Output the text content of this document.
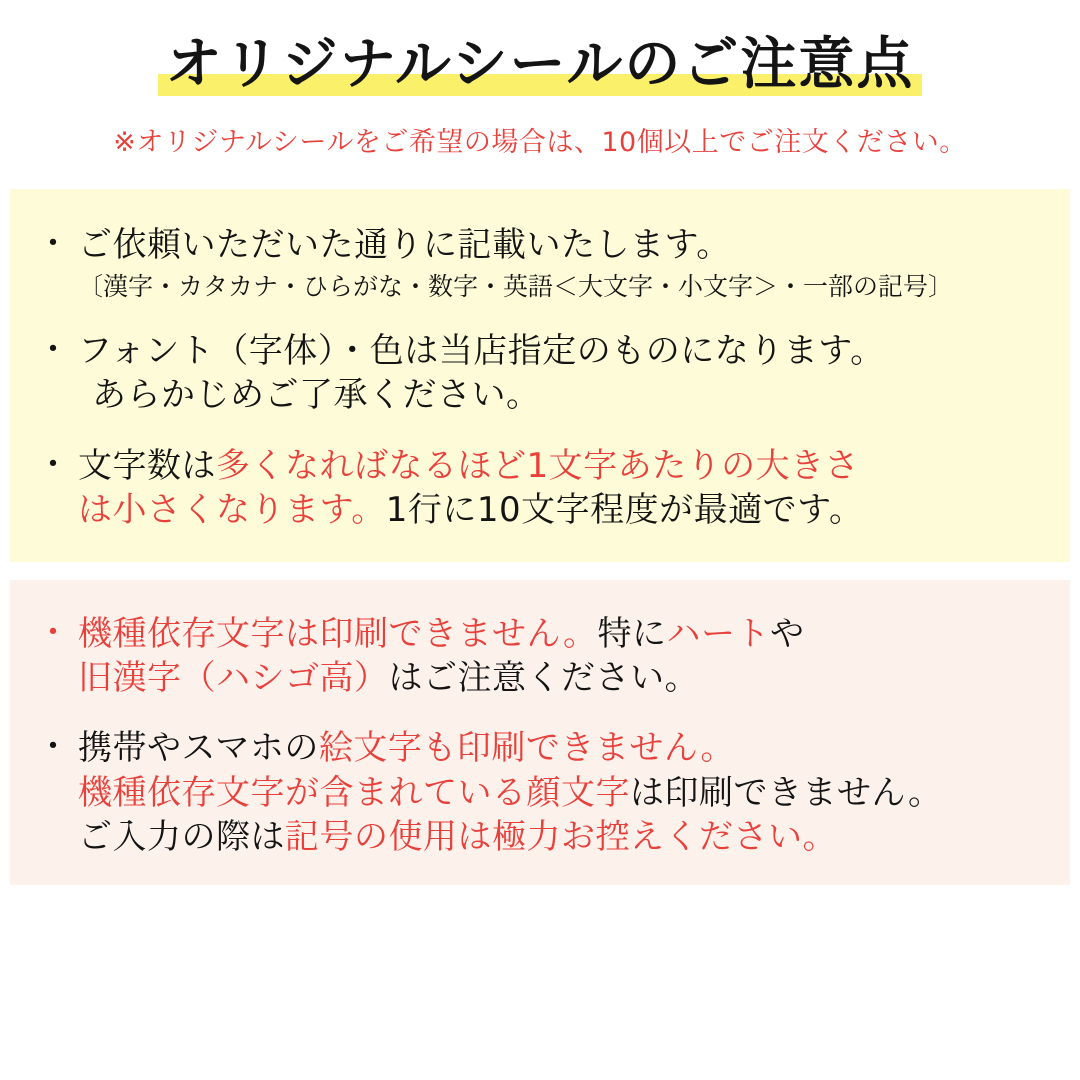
オリジナルシールのご注意点
※オリジナルシールをご希望の場合は、10個以上でご注文ください。
・ ご依頼いただいた通りに記載いたします。
〔漢字・カタカナ・ひらがな・数字・英語＜大文字・小文字＞・一部の記号〕
・ フォント（字体）・色は当店指定のものになります。
あらかじめご了承ください。
・ 文字数は多くなればなるほど1文字あたりの大きさ
は小さくなります。1行に10文字程度が最適です。
・ 機種依存文字は印刷できません。特にハートや
旧漢字（ハシゴ高）はご注意ください。
・ 携帯やスマホの絵文字も印刷できません。
機種依存文字が含まれている顔文字は印刷できません。
ご入力の際は記号の使用は極力お控えください。
